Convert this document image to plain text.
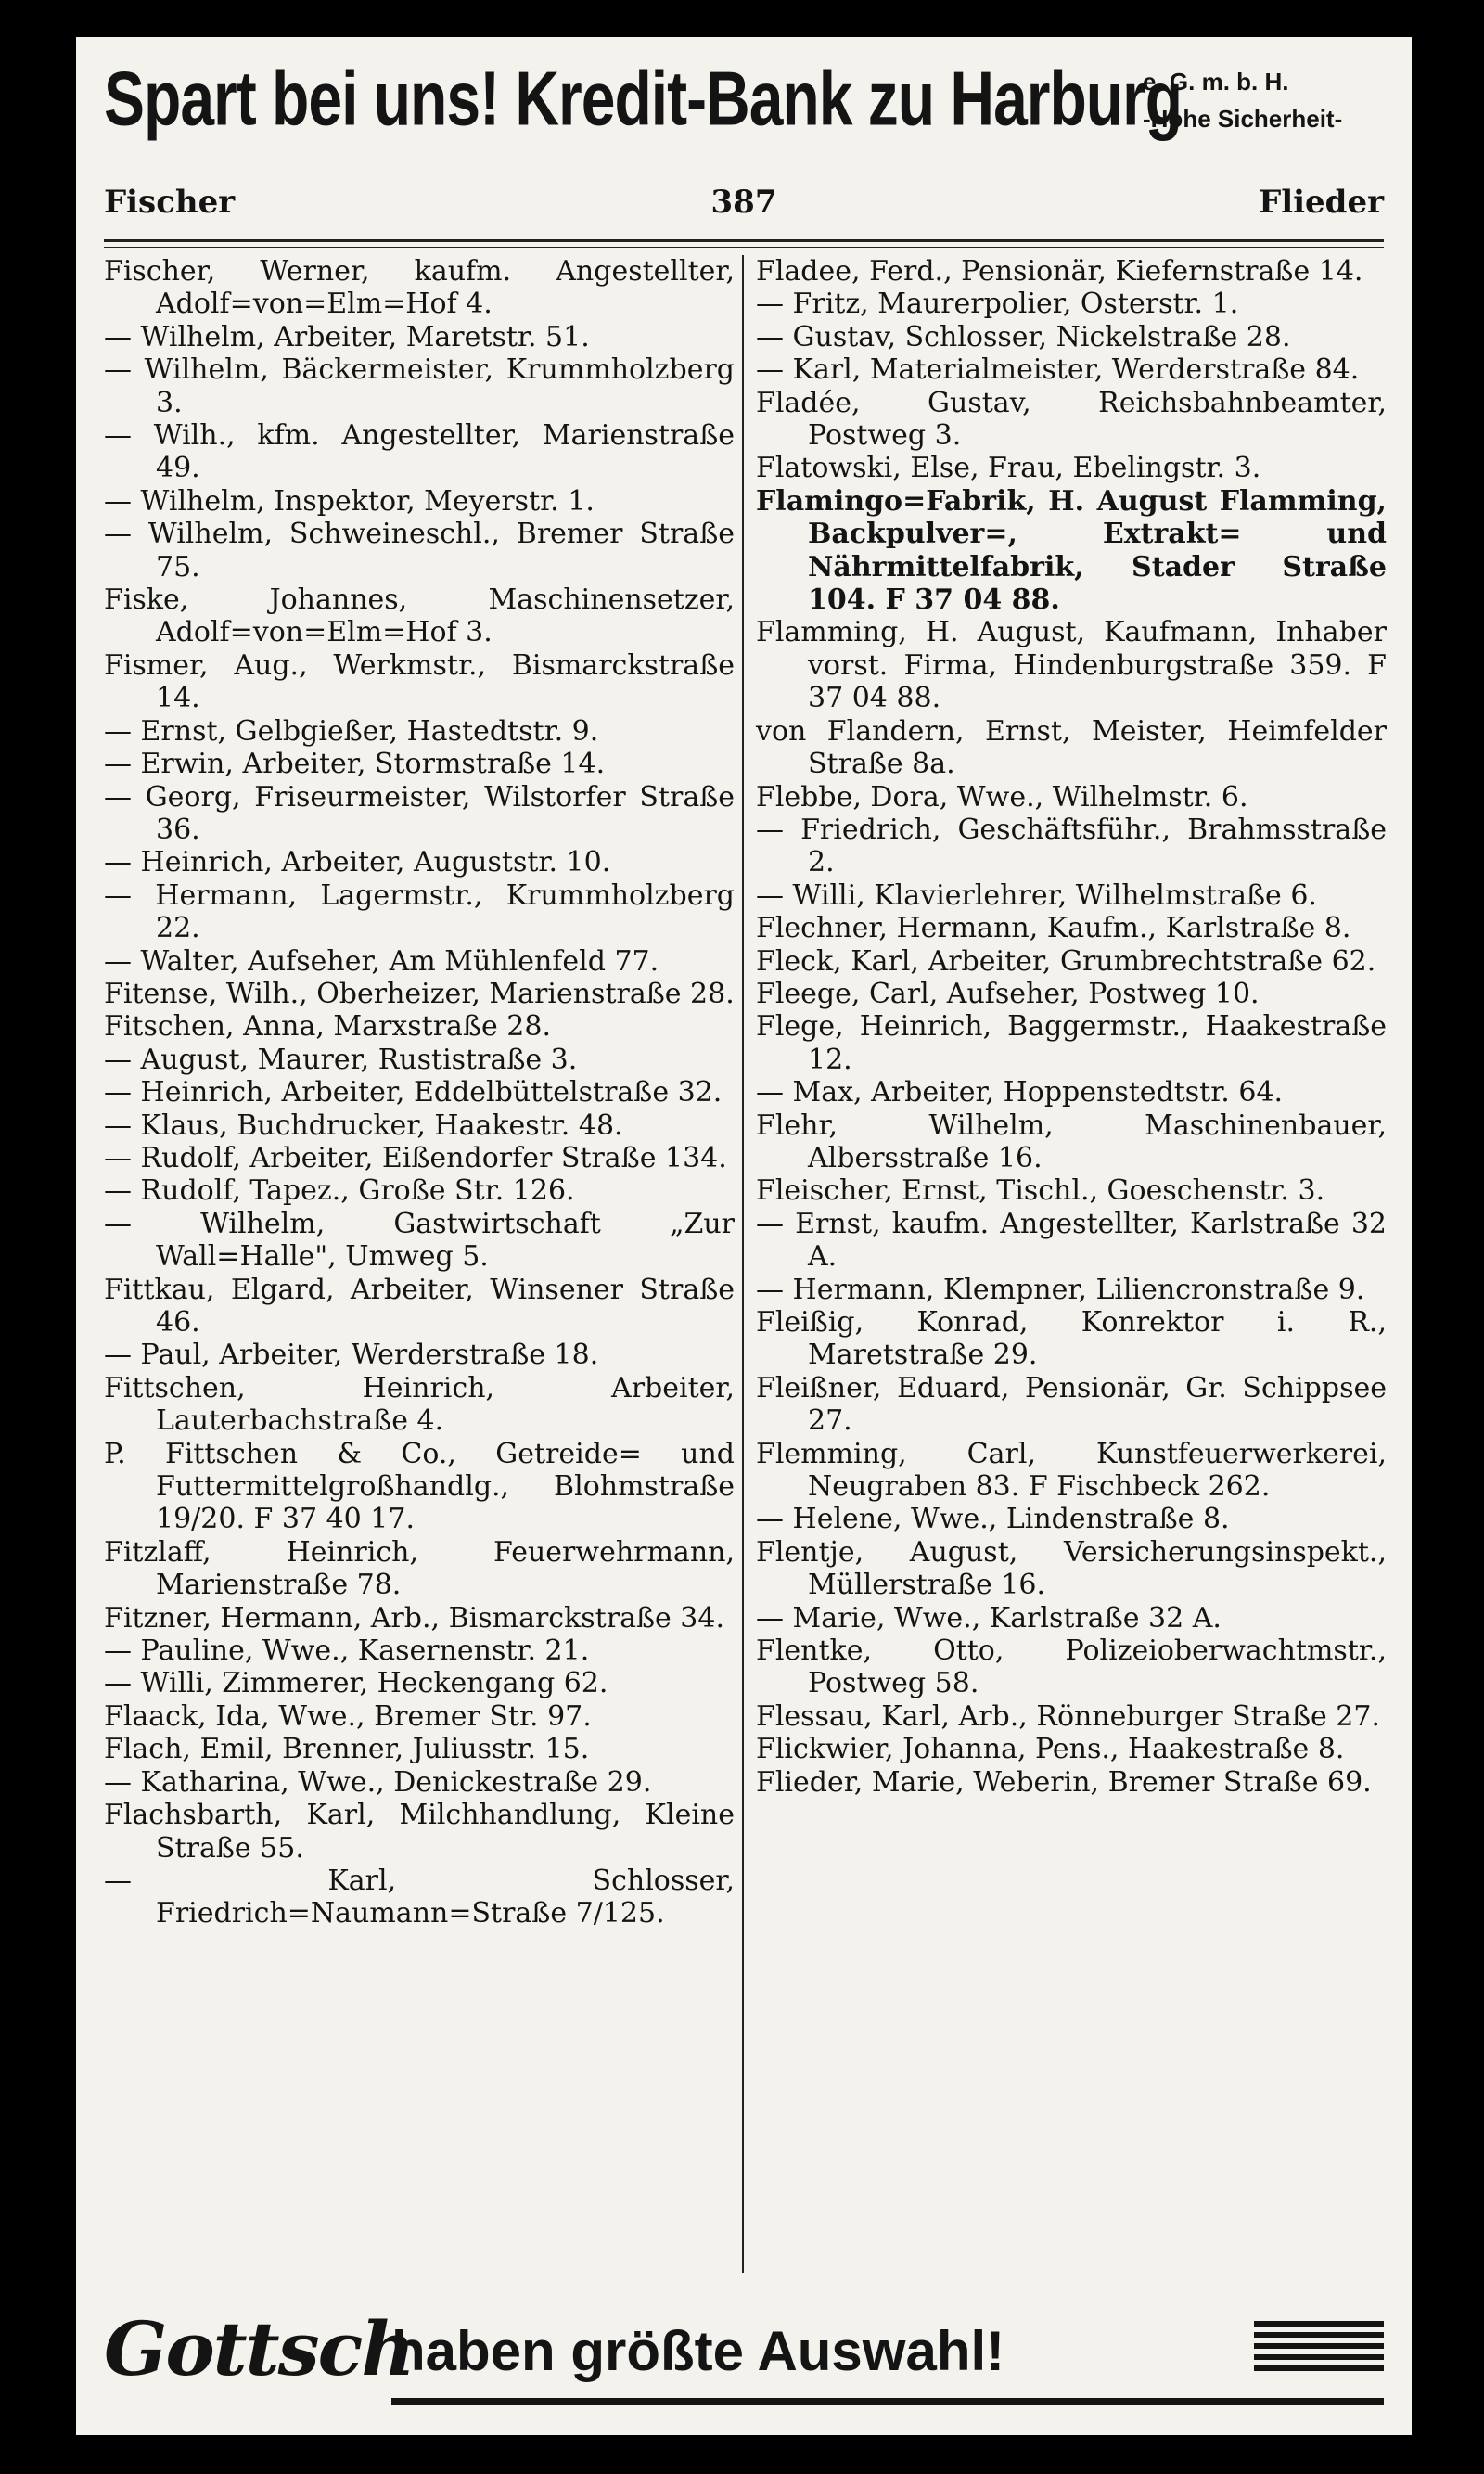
Spart bei uns! Kredit-Bank zu Harburg
e. G. m. b. H.
-Hohe Sicherheit-
387
Fischer	Flieder

Fischer, Werner, kaufm. Angestellter, Adolf=von=Elm=Hof 4.

— Wilhelm, Arbeiter, Maretstr. 51.

— Wilhelm, Bäckermeister, Krummholzberg 3.

— Wilh., kfm. Angestellter, Marienstraße 49.

— Wilhelm, Inspektor, Meyerstr. 1.

— Wilhelm, Schweineschl., Bremer Straße 75.

Fiske, Johannes, Maschinensetzer, Adolf=von=Elm=Hof 3.

Fismer, Aug., Werkmstr., Bismarckstraße 14.

— Ernst, Gelbgießer, Hastedtstr. 9.

— Erwin, Arbeiter, Stormstraße 14.

— Georg, Friseurmeister, Wilstorfer Straße 36.

— Heinrich, Arbeiter, Auguststr. 10.

— Hermann, Lagermstr., Krummholzberg 22.

— Walter, Aufseher, Am Mühlenfeld 77.

Fitense, Wilh., Oberheizer, Marienstraße 28.

Fitschen, Anna, Marxstraße 28.

— August, Maurer, Rustistraße 3.

— Heinrich, Arbeiter, Eddelbüttelstraße 32.

— Klaus, Buchdrucker, Haakestr. 48.

— Rudolf, Arbeiter, Eißendorfer Straße 134.

— Rudolf, Tapez., Große Str. 126.

— Wilhelm, Gastwirtschaft „Zur Wall=Halle", Umweg 5.

Fittkau, Elgard, Arbeiter, Winsener Straße 46.

— Paul, Arbeiter, Werderstraße 18.

Fittschen, Heinrich, Arbeiter, Lauterbachstraße 4.

P. Fittschen & Co., Getreide= und Futtermittelgroßhandlg., Blohmstraße 19/20. F 37 40 17.

Fitzlaff, Heinrich, Feuerwehrmann, Marienstraße 78.

Fitzner, Hermann, Arb., Bismarckstraße 34.

— Pauline, Wwe., Kasernenstr. 21.

— Willi, Zimmerer, Heckengang 62.

Flaack, Ida, Wwe., Bremer Str. 97.

Flach, Emil, Brenner, Juliusstr. 15.

— Katharina, Wwe., Denickestraße 29.

Flachsbarth, Karl, Milchhandlung, Kleine Straße 55.

— Karl, Schlosser, Friedrich=Naumann=Straße 7/125.

Fladee, Ferd., Pensionär, Kiefernstraße 14.

— Fritz, Maurerpolier, Osterstr. 1.

— Gustav, Schlosser, Nickelstraße 28.

— Karl, Materialmeister, Werderstraße 84.

Fladée, Gustav, Reichsbahnbeamter, Postweg 3.

Flatowski, Else, Frau, Ebelingstr. 3.

Flamingo=Fabrik, H. August Flamming, Backpulver=, Extrakt= und Nährmittelfabrik, Stader Straße 104. F 37 04 88.

Flamming, H. August, Kaufmann, Inhaber vorst. Firma, Hindenburgstraße 359. F 37 04 88.

von Flandern, Ernst, Meister, Heimfelder Straße 8a.

Flebbe, Dora, Wwe., Wilhelmstr. 6.

— Friedrich, Geschäftsführ., Brahmsstraße 2.

— Willi, Klavierlehrer, Wilhelmstraße 6.

Flechner, Hermann, Kaufm., Karlstraße 8.

Fleck, Karl, Arbeiter, Grumbrechtstraße 62.

Fleege, Carl, Aufseher, Postweg 10.

Flege, Heinrich, Baggermstr., Haakestraße 12.

— Max, Arbeiter, Hoppenstedtstr. 64.

Flehr, Wilhelm, Maschinenbauer, Albersstraße 16.

Fleischer, Ernst, Tischl., Goeschenstr. 3.

— Ernst, kaufm. Angestellter, Karlstraße 32 A.

— Hermann, Klempner, Liliencronstraße 9.

Fleißig, Konrad, Konrektor i. R., Maretstraße 29.

Fleißner, Eduard, Pensionär, Gr. Schippsee 27.

Flemming, Carl, Kunstfeuerwerkerei, Neugraben 83. F Fischbeck 262.

— Helene, Wwe., Lindenstraße 8.

Flentje, August, Versicherungsinspekt., Müllerstraße 16.

— Marie, Wwe., Karlstraße 32 A.

Flentke, Otto, Polizeioberwachtmstr., Postweg 58.

Flessau, Karl, Arb., Rönneburger Straße 27.

Flickwier, Johanna, Pens., Haakestraße 8.

Flieder, Marie, Weberin, Bremer Straße 69.

Gottsch
haben größte Auswahl!
